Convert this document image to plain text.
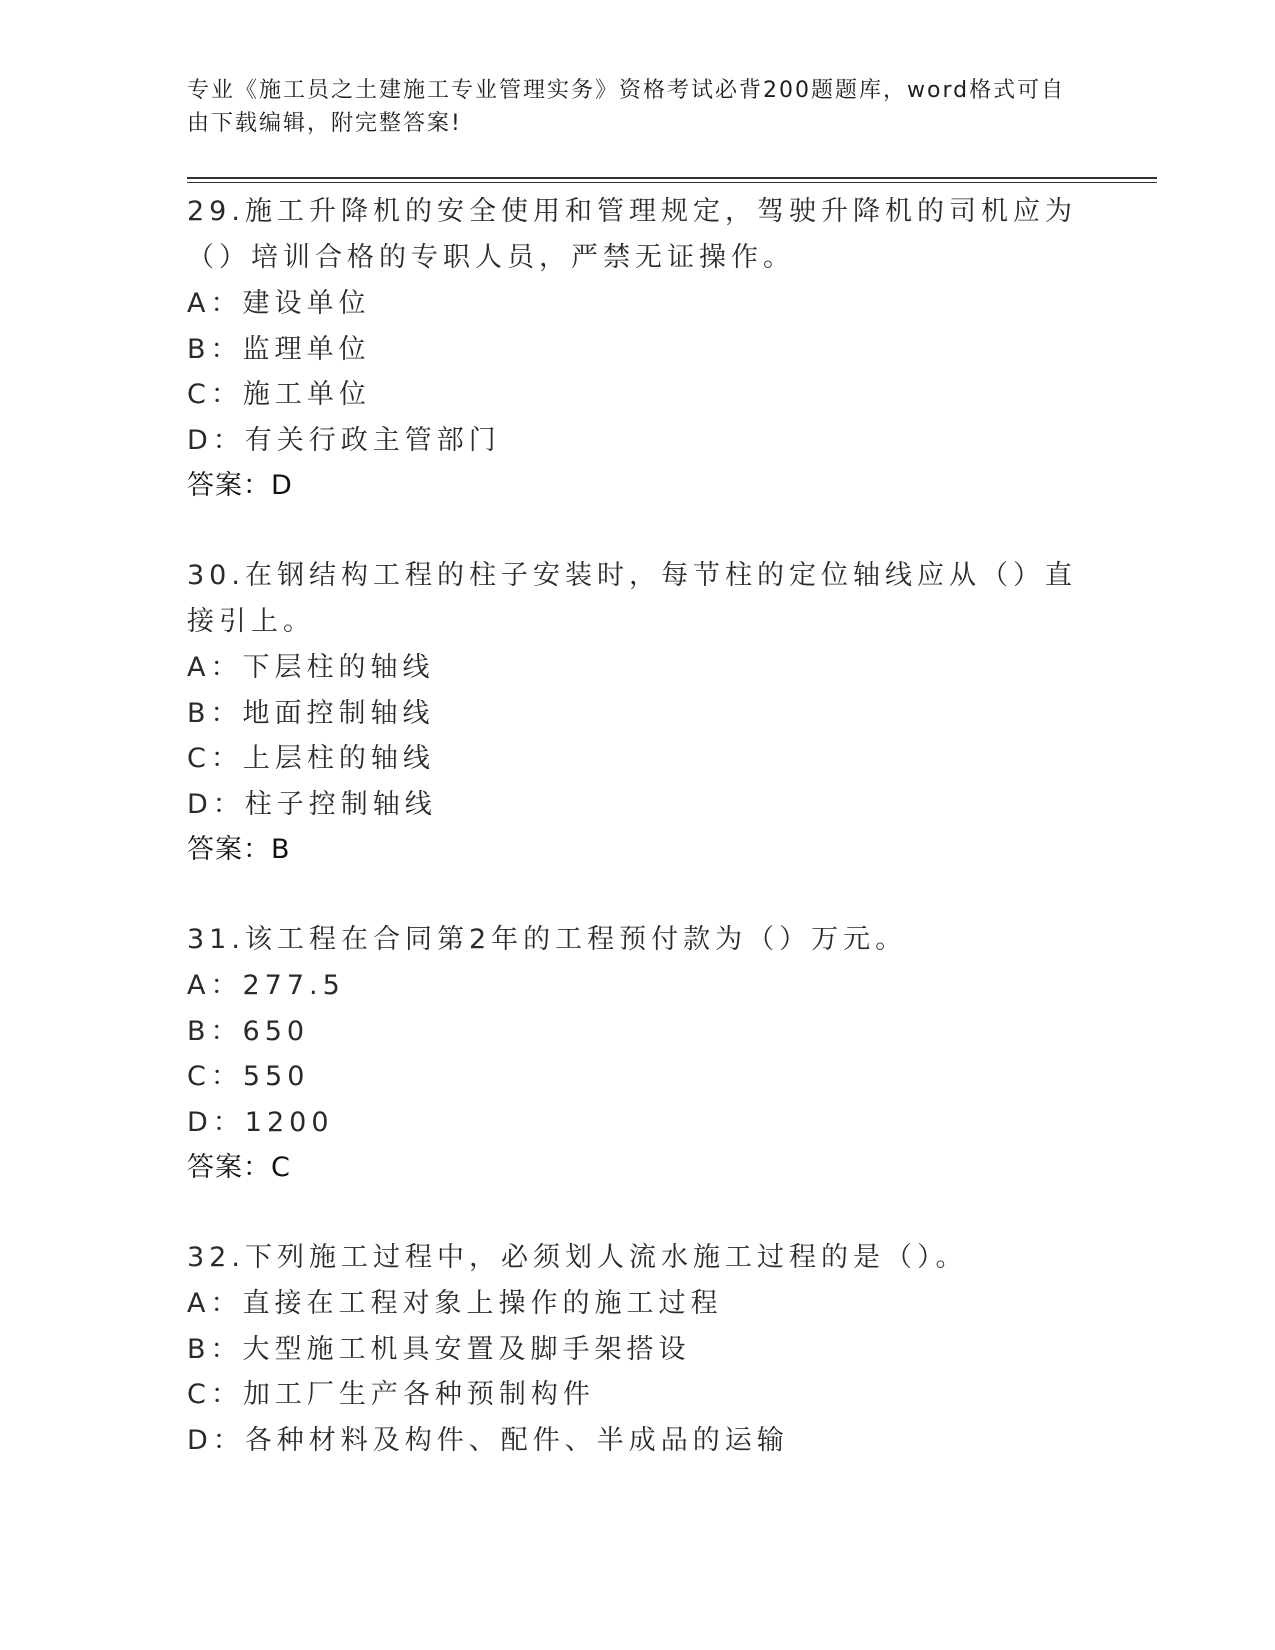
专业《施工员之土建施工专业管理实务》资格考试必背200题题库，word格式可自由下载编辑，附完整答案!
29.施工升降机的安全使用和管理规定，驾驶升降机的司机应为（）培训合格的专职人员，严禁无证操作。
A：建设单位
B：监理单位
C：施工单位
D：有关行政主管部门
答案：D
30.在钢结构工程的柱子安装时，每节柱的定位轴线应从（）直接引上。
A：下层柱的轴线
B：地面控制轴线
C：上层柱的轴线
D：柱子控制轴线
答案：B
31.该工程在合同第2年的工程预付款为（）万元。
A：277.5
B：650
C：550
D：1200
答案：C
32.下列施工过程中，必须划人流水施工过程的是（）。
A：直接在工程对象上操作的施工过程
B：大型施工机具安置及脚手架搭设
C：加工厂生产各种预制构件
D：各种材料及构件、配件、半成品的运输
